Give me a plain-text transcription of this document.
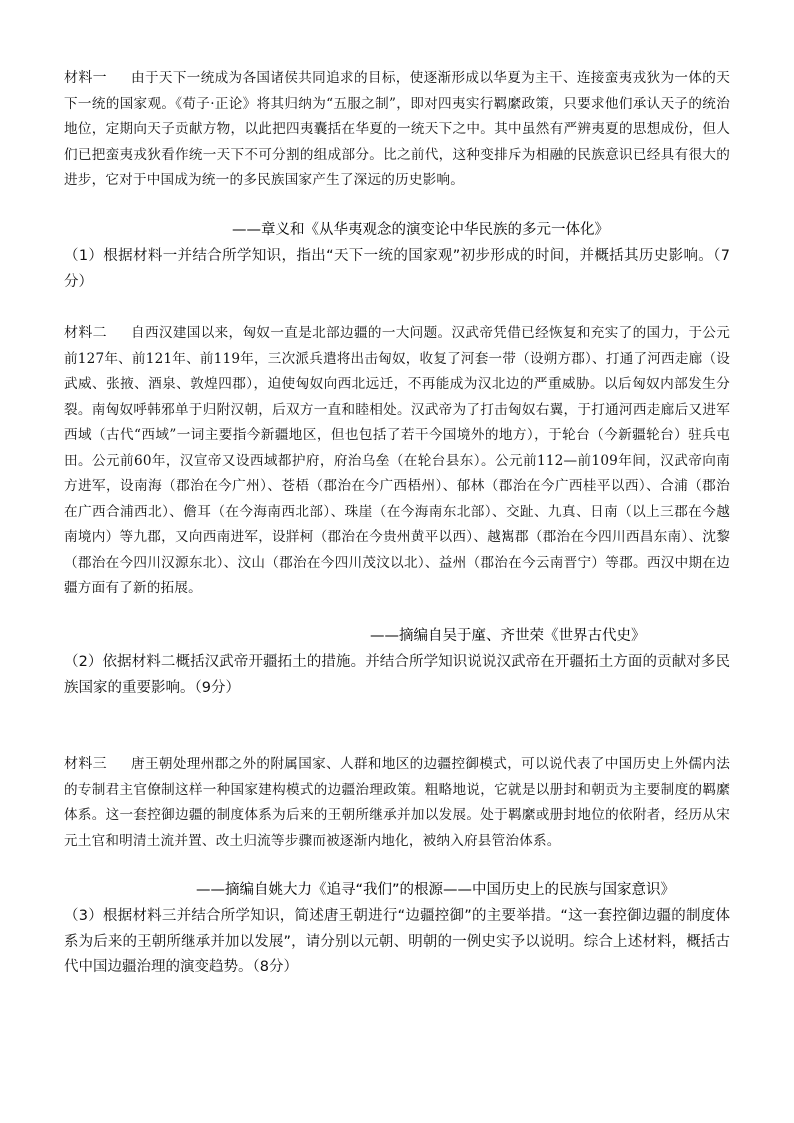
材料一 由于天下一统成为各国诸侯共同追求的目标，使逐渐形成以华夏为主干、连接蛮夷戎狄为一体的天下一统的国家观。《荀子·正论》将其归纳为“五服之制”，即对四夷实行羁縻政策，只要求他们承认天子的统治地位，定期向天子贡献方物，以此把四夷囊括在华夏的一统天下之中。其中虽然有严辨夷夏的思想成份，但人们已把蛮夷戎狄看作统一天下不可分割的组成部分。比之前代，这种变排斥为相融的民族意识已经具有很大的进步，它对于中国成为统一的多民族国家产生了深远的历史影响。
——章义和《从华夷观念的演变论中华民族的多元一体化》
（1）根据材料一并结合所学知识，指出“天下一统的国家观”初步形成的时间，并概括其历史影响。（7分）
材料二 自西汉建国以来，匈奴一直是北部边疆的一大问题。汉武帝凭借已经恢复和充实了的国力，于公元前127年、前121年、前119年，三次派兵遣将出击匈奴，收复了河套一带（设朔方郡）、打通了河西走廊（设武威、张掖、酒泉、敦煌四郡），迫使匈奴向西北远迁，不再能成为汉北边的严重威胁。以后匈奴内部发生分裂。南匈奴呼韩邪单于归附汉朝，后双方一直和睦相处。汉武帝为了打击匈奴右翼，于打通河西走廊后又进军西域（古代“西域”一词主要指今新疆地区，但也包括了若干今国境外的地方），于轮台（今新疆轮台）驻兵屯田。公元前60年，汉宣帝又设西域都护府，府治乌垒（在轮台县东）。公元前112—前109年间，汉武帝向南方进军，设南海（郡治在今广州）、苍梧（郡治在今广西梧州）、郁林（郡治在今广西桂平以西）、合浦（郡治在广西合浦西北）、儋耳（在今海南西北部）、珠崖（在今海南东北部）、交趾、九真、日南（以上三郡在今越南境内）等九郡，又向西南进军，设牂柯（郡治在今贵州黄平以西）、越嶲郡（郡治在今四川西昌东南）、沈黎（郡治在今四川汉源东北）、汶山（郡治在今四川茂汶以北）、益州（郡治在今云南晋宁）等郡。西汉中期在边疆方面有了新的拓展。
——摘编自吴于廑、齐世荣《世界古代史》
（2）依据材料二概括汉武帝开疆拓土的措施。并结合所学知识说说汉武帝在开疆拓土方面的贡献对多民族国家的重要影响。（9分）
材料三 唐王朝处理州郡之外的附属国家、人群和地区的边疆控御模式，可以说代表了中国历史上外儒内法的专制君主官僚制这样一种国家建构模式的边疆治理政策。粗略地说，它就是以册封和朝贡为主要制度的羁縻体系。这一套控御边疆的制度体系为后来的王朝所继承并加以发展。处于羁縻或册封地位的依附者，经历从宋元土官和明清土流并置、改土归流等步骤而被逐渐内地化，被纳入府县管治体系。
——摘编自姚大力《追寻“我们”的根源——中国历史上的民族与国家意识》
（3）根据材料三并结合所学知识，简述唐王朝进行“边疆控御”的主要举措。“这一套控御边疆的制度体系为后来的王朝所继承并加以发展”，请分别以元朝、明朝的一例史实予以说明。综合上述材料，概括古代中国边疆治理的演变趋势。（8分）
